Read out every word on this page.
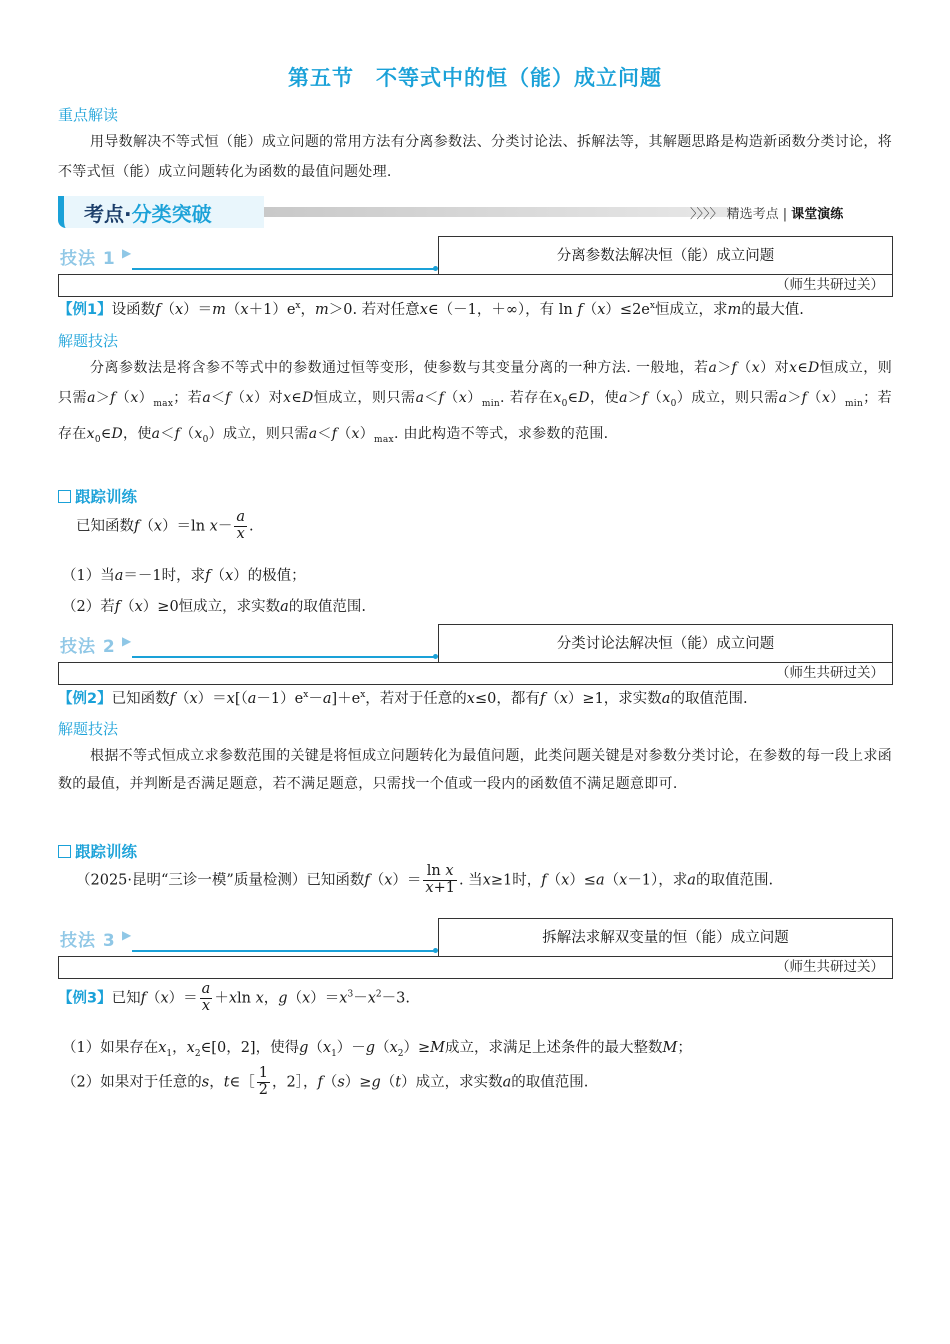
第五节　不等式中的恒（能）成立问题
重点解读
用导数解决不等式恒（能）成立问题的常用方法有分离参数法、分类讨论法、拆解法等，其解题思路是构造新函数分类讨论，将不等式恒（能）成立问题转化为函数的最值问题处理.
考点·分类突破	〉〉〉〉 精选考点 | 课堂演练
技法 1 ▶	分离参数法解决恒（能）成立问题
（师生共研过关）
【例1】设函数$f(x)=m(x+1)e^x$，m＞0. 若对任意x∈（－1，＋∞），有 $\ln f(x)\le 2e^x$恒成立，求m的最大值.
解题技法
分离参数法是将含参不等式中的参数通过恒等变形，使参数与其变量分离的一种方法. 一般地，若a＞f（x）对x∈D恒成立，则只需$a>f(x)_{max}$；若a＜f（x）对x∈D恒成立，则只需$a<f(x)_{min}$. 若存在$x_0\in D$，使$a>f(x_0)$成立，则只需$a>f(x)_{min}$；若存在$x_0\in D$，使$a<f(x_0)$成立，则只需$a<f(x)_{max}$. 由此构造不等式，求参数的范围.
跟踪训练
已知函数f（x）＝ln $x- \frac{a}{x}$ .
（1）当a＝－1时，求f（x）的极值；
（2）若f（x）≥0恒成立，求实数a的取值范围.
技法 2 ▶	分类讨论法解决恒（能）成立问题
（师生共研过关）
【例2】已知函数$f(x)=x[(a-1)e^x-a]+e^x$，若对于任意的x≤0，都有f（x）≥1，求实数a的取值范围.
解题技法
根据不等式恒成立求参数范围的关键是将恒成立问题转化为最值问题，此类问题关键是对参数分类讨论，在参数的每一段上求函数的最值，并判断是否满足题意，若不满足题意，只需找一个值或一段内的函数值不满足题意即可.
跟踪训练
（2025·昆明“三诊一模”质量检测）已知函数$f(x)= \frac{\text{ln x}}{x+1}$ . 当x≥1时，f（x）≤a（x－1），求a的取值范围.
技法 3 ▶	拆解法求解双变量的恒（能）成立问题
（师生共研过关）
【例3】已知$f(x)= \frac{a}{x} +xln$ x，$g(x)=x^3-x^2-3$.
（1）如果存在$x_1$，$x_2\in[0$，2]，使得$g(x_1)-g(x_2)\ge M$成立，求满足上述条件的最大整数M；
（2）如果对于任意的s，t∈［ $\frac{1}{2}$ ，2］，f（s）≥g（t）成立，求实数a的取值范围.
